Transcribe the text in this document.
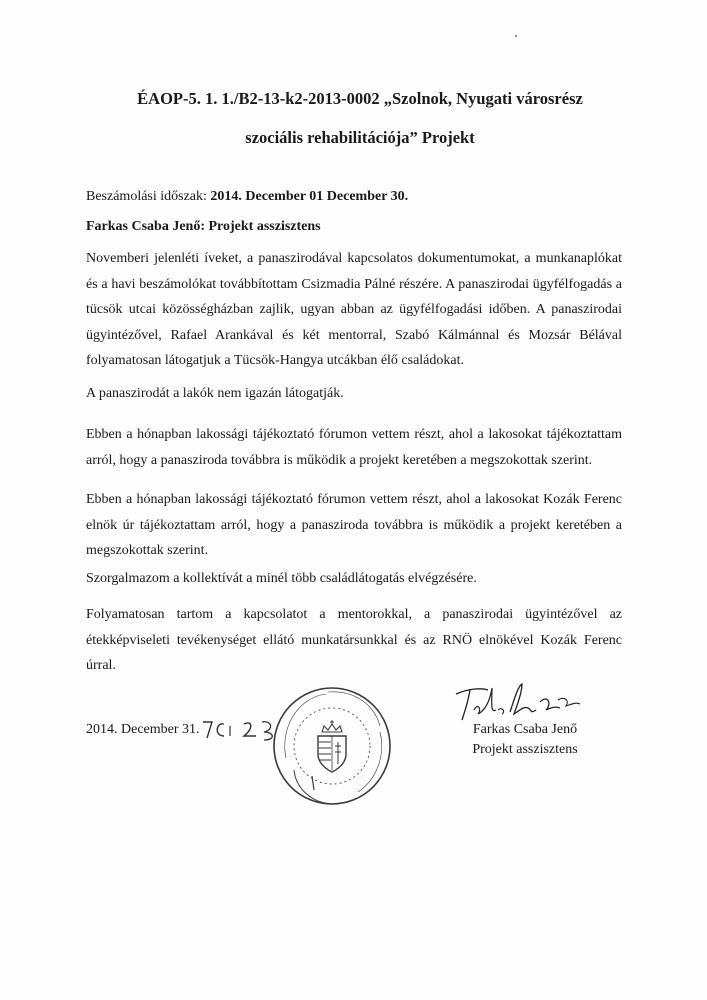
ÉAOP-5. 1. 1./B2-13-k2-2013-0002 „Szolnok, Nyugati városrész
szociális rehabilitációja” Projekt
Beszámolási időszak: 2014. December 01 December 30.
Farkas Csaba Jenő: Projekt asszisztens
Novemberi jelenléti íveket, a panaszirodával kapcsolatos dokumentumokat, a munkanaplókat és a havi beszámolókat továbbítottam Csizmadia Pálné részére. A panaszirodai ügyfélfogadás a tücsök utcai közösségházban zajlik, ugyan abban az ügyfélfogadási időben. A panaszirodai ügyintézővel, Rafael Arankával és két mentorral, Szabó Kálmánnal és Mozsár Bélával folyamatosan látogatjuk a Tücsök-Hangya utcákban élő családokat.
A panaszirodát a lakók nem igazán látogatják.
Ebben a hónapban lakossági tájékoztató fórumon vettem részt, ahol a lakosokat tájékoztattam arról, hogy a panasziroda továbbra is működik a projekt keretében a megszokottak szerint.
Ebben a hónapban lakossági tájékoztató fórumon vettem részt, ahol a lakosokat Kozák Ferenc elnök úr tájékoztattam arról, hogy a panasziroda továbbra is működik a projekt keretében a megszokottak szerint.
Szorgalmazom a kollektívát a minél több családlátogatás elvégzésére.
Folyamatosan tartom a kapcsolatot a mentorokkal, a panaszirodai ügyintézővel az étekképviseleti tevékenységet ellátó munkatársunkkal és az RNÖ elnökével Kozák Ferenc úrral.
2014. December 31.	Farkas Csaba Jenő
Projekt asszisztens
